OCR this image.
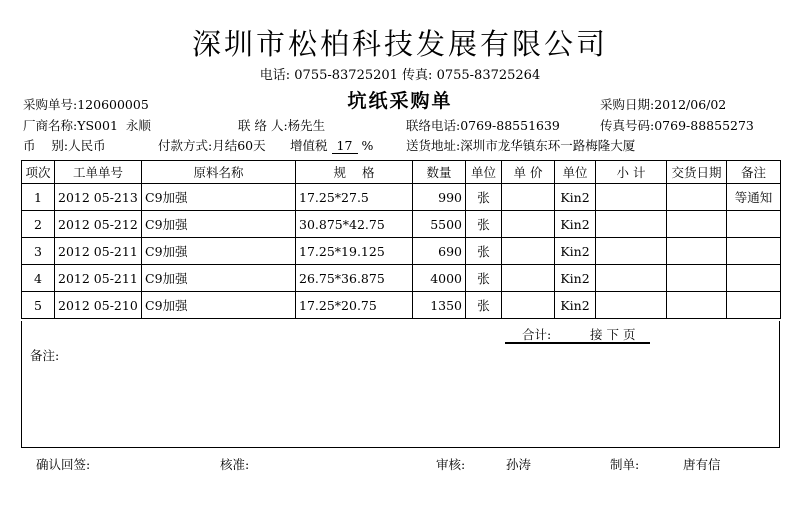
深圳市松柏科技发展有限公司
电话: 0755-83725201 传真: 0755-83725264
坑纸采购单
采购单号:120600005	采购日期:2012/06/02
厂商名称:YS001  永顺	联 络 人:杨先生	联络电话:0769-88551639	传真号码:0769-88855273
币    别:人民币	付款方式:月结60天 增值税 17 %	送货地址:深圳市龙华镇东环一路梅隆大厦
项次	工单单号	原料名称	规    格	数量	单位	单 价	单位	小 计	交货日期	备注
1	2012 05-213	C9加强	17.25*27.5	990	张		Kin2			等通知
2	2012 05-212	C9加强	30.875*42.75	5500	张		Kin2			
3	2012 05-211	C9加强	17.25*19.125	690	张		Kin2			
4	2012 05-211	C9加强	26.75*36.875	4000	张		Kin2			
5	2012 05-210	C9加强	17.25*20.75	1350	张		Kin2			
合计:	接下页
备注:
确认回签:	核准:	审核:	孙涛	制单:	唐有信
